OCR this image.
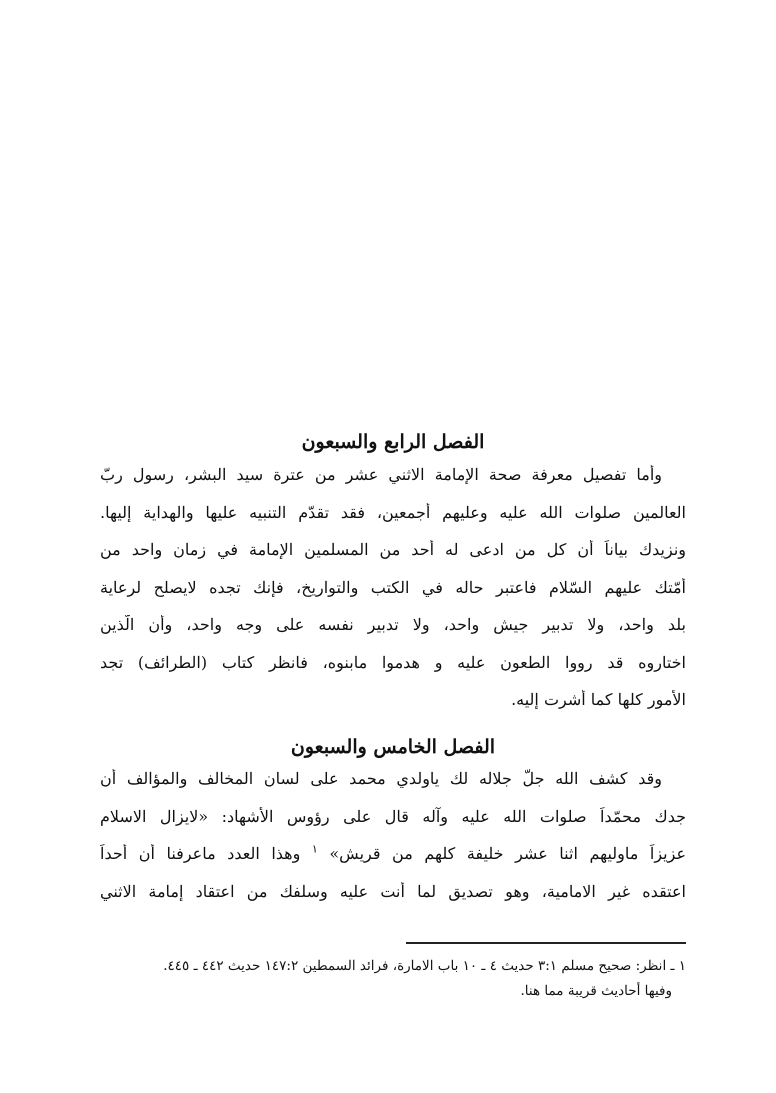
الفصل الرابع والسبعون
وأما تفصيل معرفة صحة الإمامة الاثني عشر من عترة سيد البشر، رسول ربّ
العالمين صلوات الله عليه وعليهم أجمعين، فقد تقدّم التنبيه عليها والهداية إليها.
ونزيدك بياناً أن كل من ادعى له أحد من المسلمين الإمامة في زمان واحد من
أمّتك عليهم السّلام فاعتبر حاله في الكتب والتواريخ، فإنك تجده لايصلح لرعاية
بلد واحد، ولا تدبير جيش واحد، ولا تدبير نفسه على وجه واحد، وأن الّذين
اختاروه قد رووا الطعون عليه و هدموا مابنوه، فانظر كتاب (الطرائف) تجد
الأمور كلها كما أشرت إليه.
الفصل الخامس والسبعون
وقد كشف الله جلّ جلاله لك ياولدي محمد على لسان المخالف والمؤالف أن
جدك محمّداً صلوات الله عليه وآله قال على رؤوس الأشهاد: «لايزال الاسلام
عزيزاً ماوليهم اثنا عشر خليفة كلهم من قريش» $^١$ وهذا العدد ماعرفنا أن أحداً
اعتقده غير الامامية، وهو تصديق لما أنت عليه وسلفك من اعتقاد إمامة الاثني
١ ـ انظر: صحيح مسلم ٣:١ حديث ٤ ـ ١٠ باب الامارة، فرائد السمطين ١٤٧:٢ حديث ٤٤٢ ـ ٤٤٥.
وفيها أحاديث قريبة مما هنا.
